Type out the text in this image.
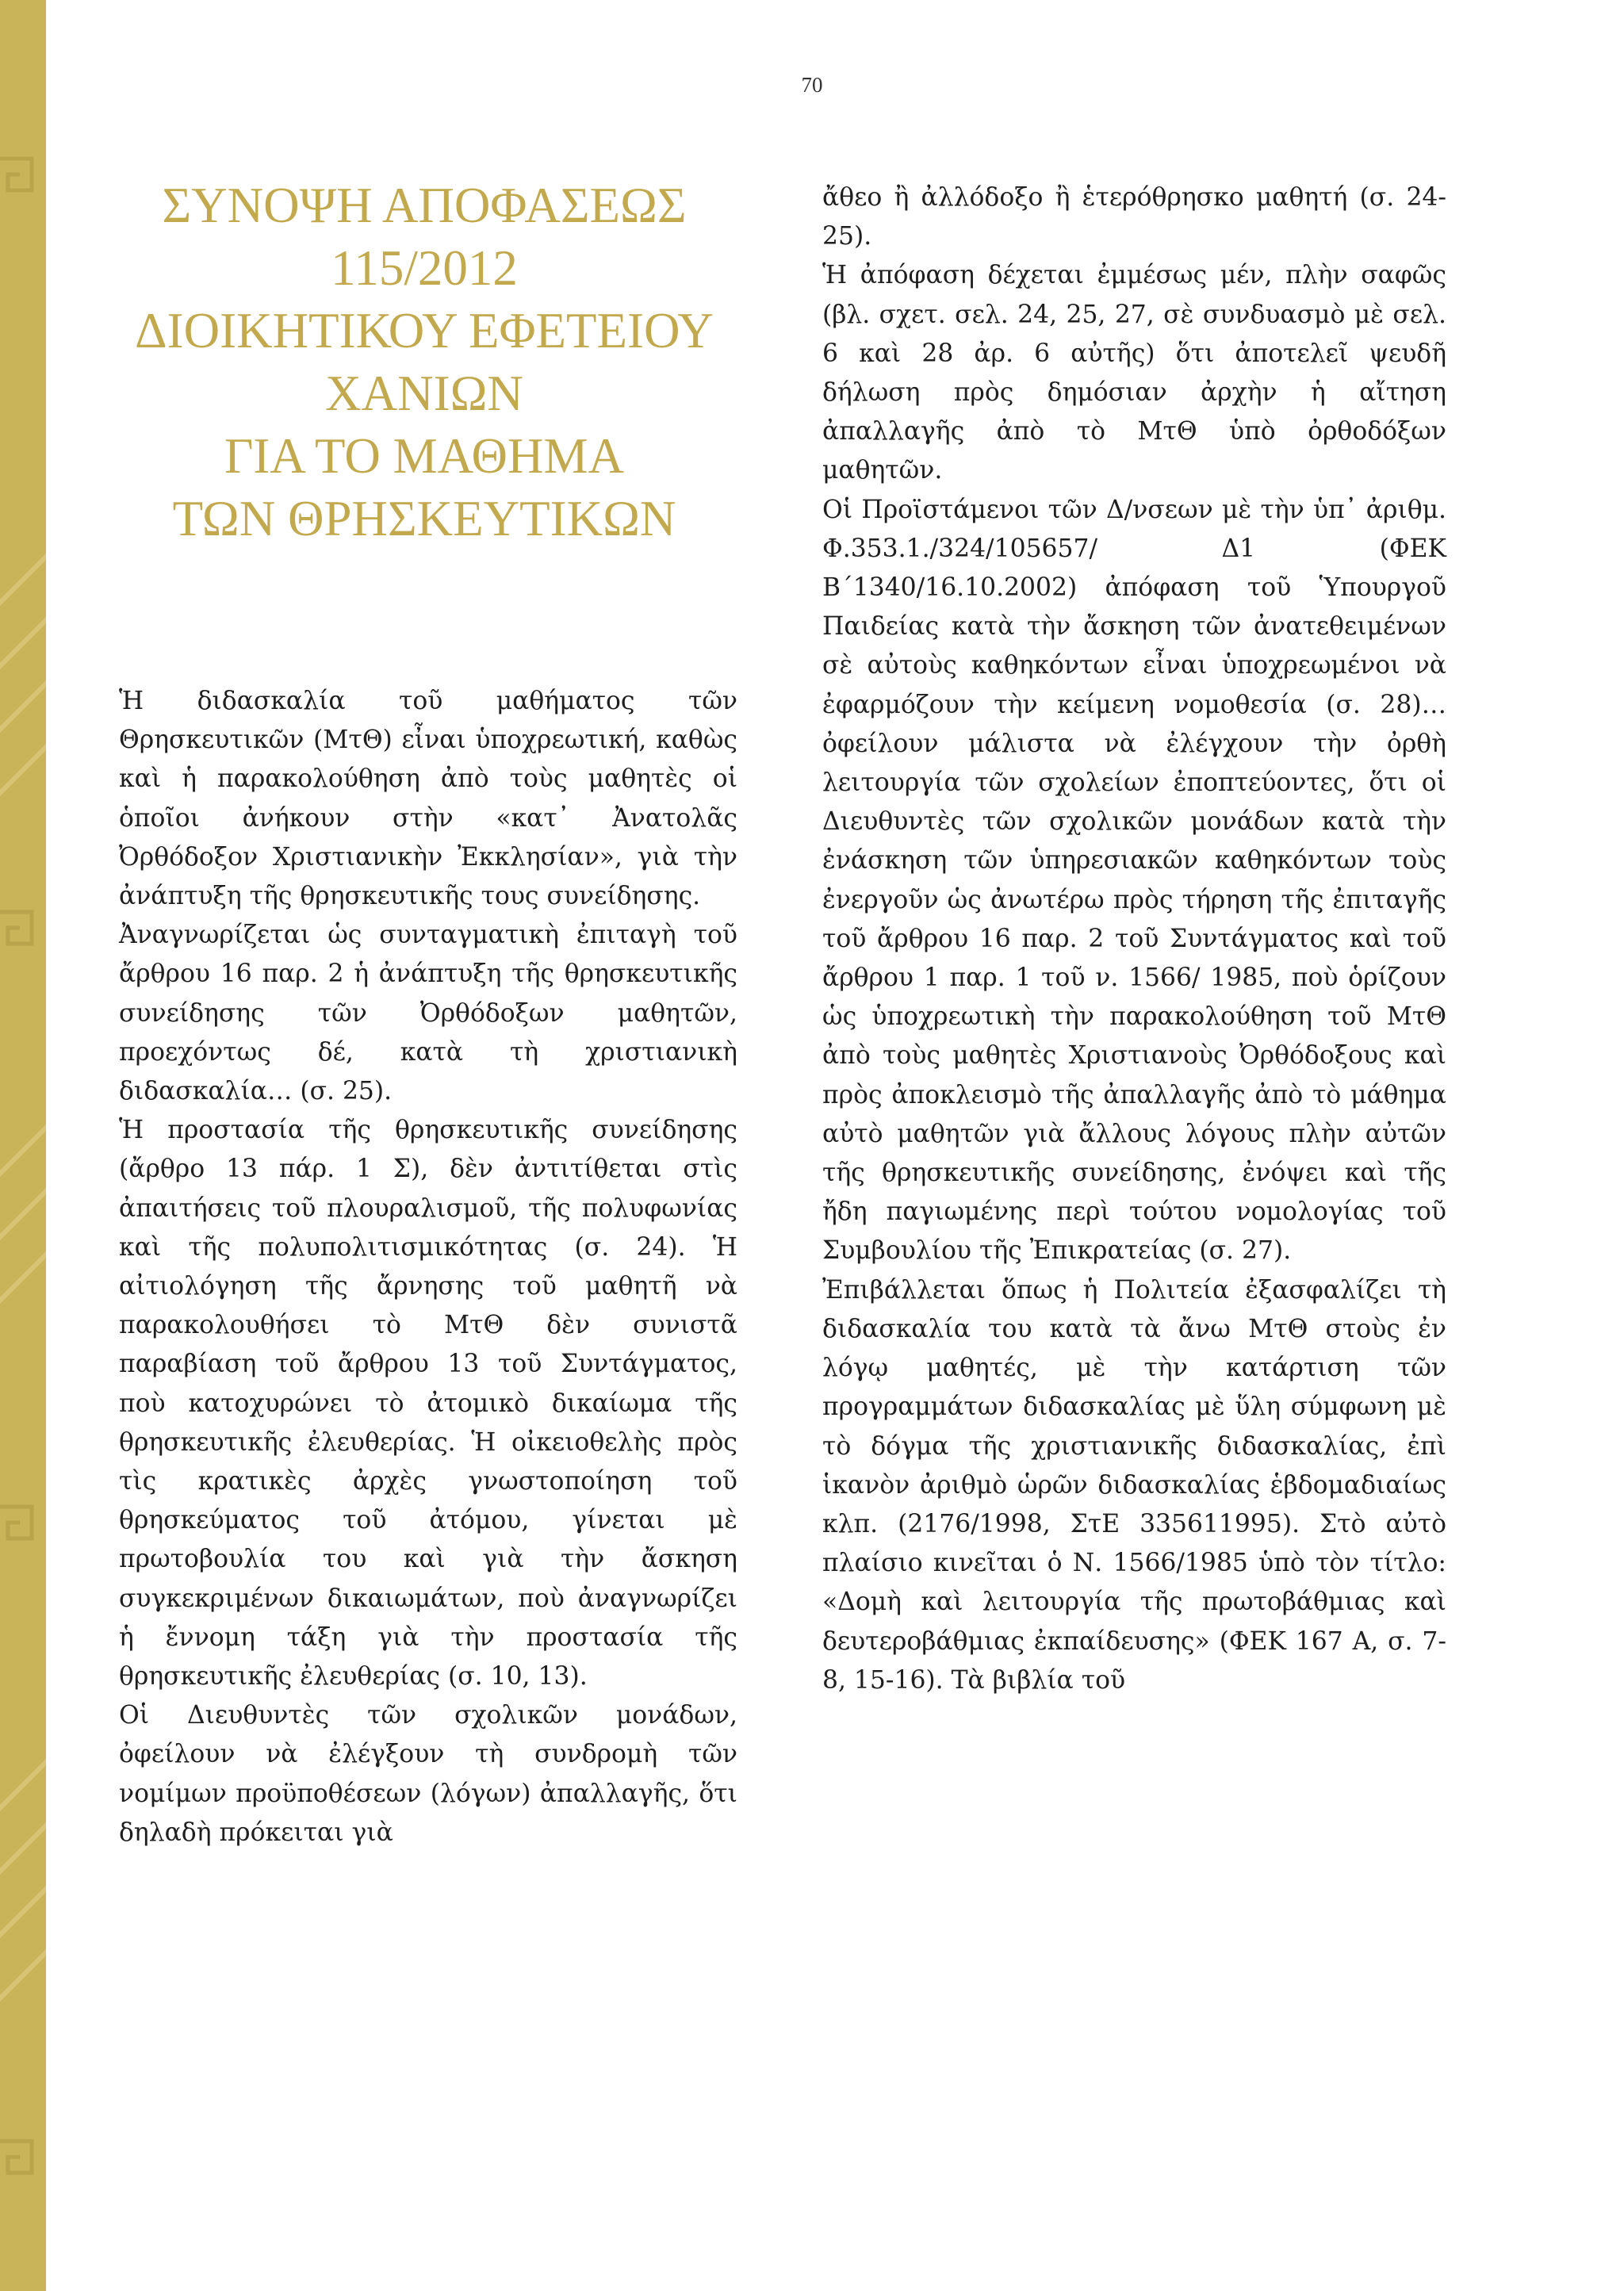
70
ΣΥΝΟΨΗ ΑΠΟΦΑΣΕΩΣ
115/2012
ΔΙΟΙΚΗΤΙΚΟΥ ΕΦΕΤΕΙΟΥ
ΧΑΝΙΩΝ
ΓΙΑ ΤΟ ΜΑΘΗΜΑ
ΤΩΝ ΘΡΗΣΚΕΥΤΙΚΩΝ

Ἡ διδασκαλία τοῦ μαθήματος τῶν Θρησκευτικῶν (ΜτΘ) εἶναι ὑποχρεωτική, καθὼς καὶ ἡ παρακολούθηση ἀπὸ τοὺς μαθητὲς οἱ ὁποῖοι ἀνήκουν στὴν «κατ᾽ Ἀνατολᾶς Ὀρθόδοξον Χριστιανικὴν Ἐκκλησίαν», γιὰ τὴν ἀνάπτυξη τῆς θρησκευτικῆς τους συνείδησης.

Ἀναγνωρίζεται ὡς συνταγματικὴ ἐπιταγὴ τοῦ ἄρθρου 16 παρ. 2 ἡ ἀνάπτυξη τῆς θρησκευτικῆς συνείδησης τῶν Ὀρθόδοξων μαθητῶν, προεχόντως δέ, κατὰ τὴ χριστιανικὴ διδασκαλία… (σ. 25).

Ἡ προστασία τῆς θρησκευτικῆς συνείδησης (ἄρθρο 13 πάρ. 1 Σ), δὲν ἀντιτίθεται στὶς ἀπαιτήσεις τοῦ πλουραλισμοῦ, τῆς πολυφωνίας καὶ τῆς πολυπολιτισμικότητας (σ. 24). Ἡ αἰτιολόγηση τῆς ἄρνησης τοῦ μαθητῆ νὰ παρακολουθήσει τὸ ΜτΘ δὲν συνιστᾶ παραβίαση τοῦ ἄρθρου 13 τοῦ Συντάγματος, ποὺ κατοχυρώνει τὸ ἀτομικὸ δικαίωμα τῆς θρησκευτικῆς ἐλευθερίας. Ἡ οἰκειοθελὴς πρὸς τὶς κρατικὲς ἀρχὲς γνωστοποίηση τοῦ θρησκεύματος τοῦ ἀτόμου, γίνεται μὲ πρωτοβουλία του καὶ γιὰ τὴν ἄσκηση συγκεκριμένων δικαιωμάτων, ποὺ ἀναγνωρίζει ἡ ἔννομη τάξη γιὰ τὴν προστασία τῆς θρησκευτικῆς ἐλευθερίας (σ. 10, 13).

Οἱ Διευθυντὲς τῶν σχολικῶν μονάδων, ὀφείλουν νὰ ἐλέγξουν τὴ συνδρομὴ τῶν νομίμων προϋποθέσεων (λόγων) ἀπαλλαγῆς, ὅτι δηλαδὴ πρόκειται γιὰ

ἄθεο ἢ ἀλλόδοξο ἢ ἑτερόθρησκο μαθητή (σ. 24-25).

Ἡ ἀπόφαση δέχεται ἐμμέσως μέν, πλὴν σαφῶς (βλ. σχετ. σελ. 24, 25, 27, σὲ συνδυασμὸ μὲ σελ. 6 καὶ 28 ἀρ. 6 αὐτῆς) ὅτι ἀποτελεῖ ψευδῆ δήλωση πρὸς δημόσιαν ἀρχὴν ἡ αἴτηση ἀπαλλαγῆς ἀπὸ τὸ ΜτΘ ὑπὸ ὀρθοδόξων μαθητῶν.

Οἱ Προϊστάμενοι τῶν Δ/νσεων μὲ τὴν ὑπ᾽ ἀριθμ. Φ.353.1./324/105657/ Δ1 (ΦΕΚ Β΄1340/16.10.2002) ἀπόφαση τοῦ Ὑπουργοῦ Παιδείας κατὰ τὴν ἄσκηση τῶν ἀνατεθειμένων σὲ αὐτοὺς καθηκόντων εἶναι ὑποχρεωμένοι νὰ ἐφαρμόζουν τὴν κείμενη νομοθεσία (σ. 28)… ὀφείλουν μάλιστα νὰ ἐλέγχουν τὴν ὀρθὴ λειτουργία τῶν σχολείων ἐποπτεύοντες, ὅτι οἱ Διευθυντὲς τῶν σχολικῶν μονάδων κατὰ τὴν ἐνάσκηση τῶν ὑπηρεσιακῶν καθηκόντων τοὺς ἐνεργοῦν ὡς ἀνωτέρω πρὸς τήρηση τῆς ἐπιταγῆς τοῦ ἄρθρου 16 παρ. 2 τοῦ Συντάγματος καὶ τοῦ ἄρθρου 1 παρ. 1 τοῦ ν. 1566/ 1985, ποὺ ὁρίζουν ὡς ὑποχρεωτικὴ τὴν παρακολούθηση τοῦ ΜτΘ ἀπὸ τοὺς μαθητὲς Χριστιανοὺς Ὀρθόδοξους καὶ πρὸς ἀποκλεισμὸ τῆς ἀπαλλαγῆς ἀπὸ τὸ μάθημα αὐτὸ μαθητῶν γιὰ ἄλλους λόγους πλὴν αὐτῶν τῆς θρησκευτικῆς συνείδησης, ἐνόψει καὶ τῆς ἤδη παγιωμένης περὶ τούτου νομολογίας τοῦ Συμβουλίου τῆς Ἐπικρατείας (σ. 27).

Ἐπιβάλλεται ὅπως ἡ Πολιτεία ἐξασφαλίζει τὴ διδασκαλία του κατὰ τὰ ἄνω ΜτΘ στοὺς ἐν λόγῳ μαθητές, μὲ τὴν κατάρτιση τῶν προγραμμάτων διδασκαλίας μὲ ὕλη σύμφωνη μὲ τὸ δόγμα τῆς χριστιανικῆς διδασκαλίας, ἐπὶ ἱκανὸν ἀριθμὸ ὡρῶν διδασκαλίας ἑβδομαδιαίως κλπ. (2176/1998, ΣτΕ 335611995). Στὸ αὐτὸ πλαίσιο κινεῖται ὁ Ν. 1566/1985 ὑπὸ τὸν τίτλο: «Δομὴ καὶ λειτουργία τῆς πρωτοβάθμιας καὶ δευτεροβάθμιας ἐκπαίδευσης» (ΦΕΚ 167 Α, σ. 7-8, 15-16). Τὰ βιβλία τοῦ
